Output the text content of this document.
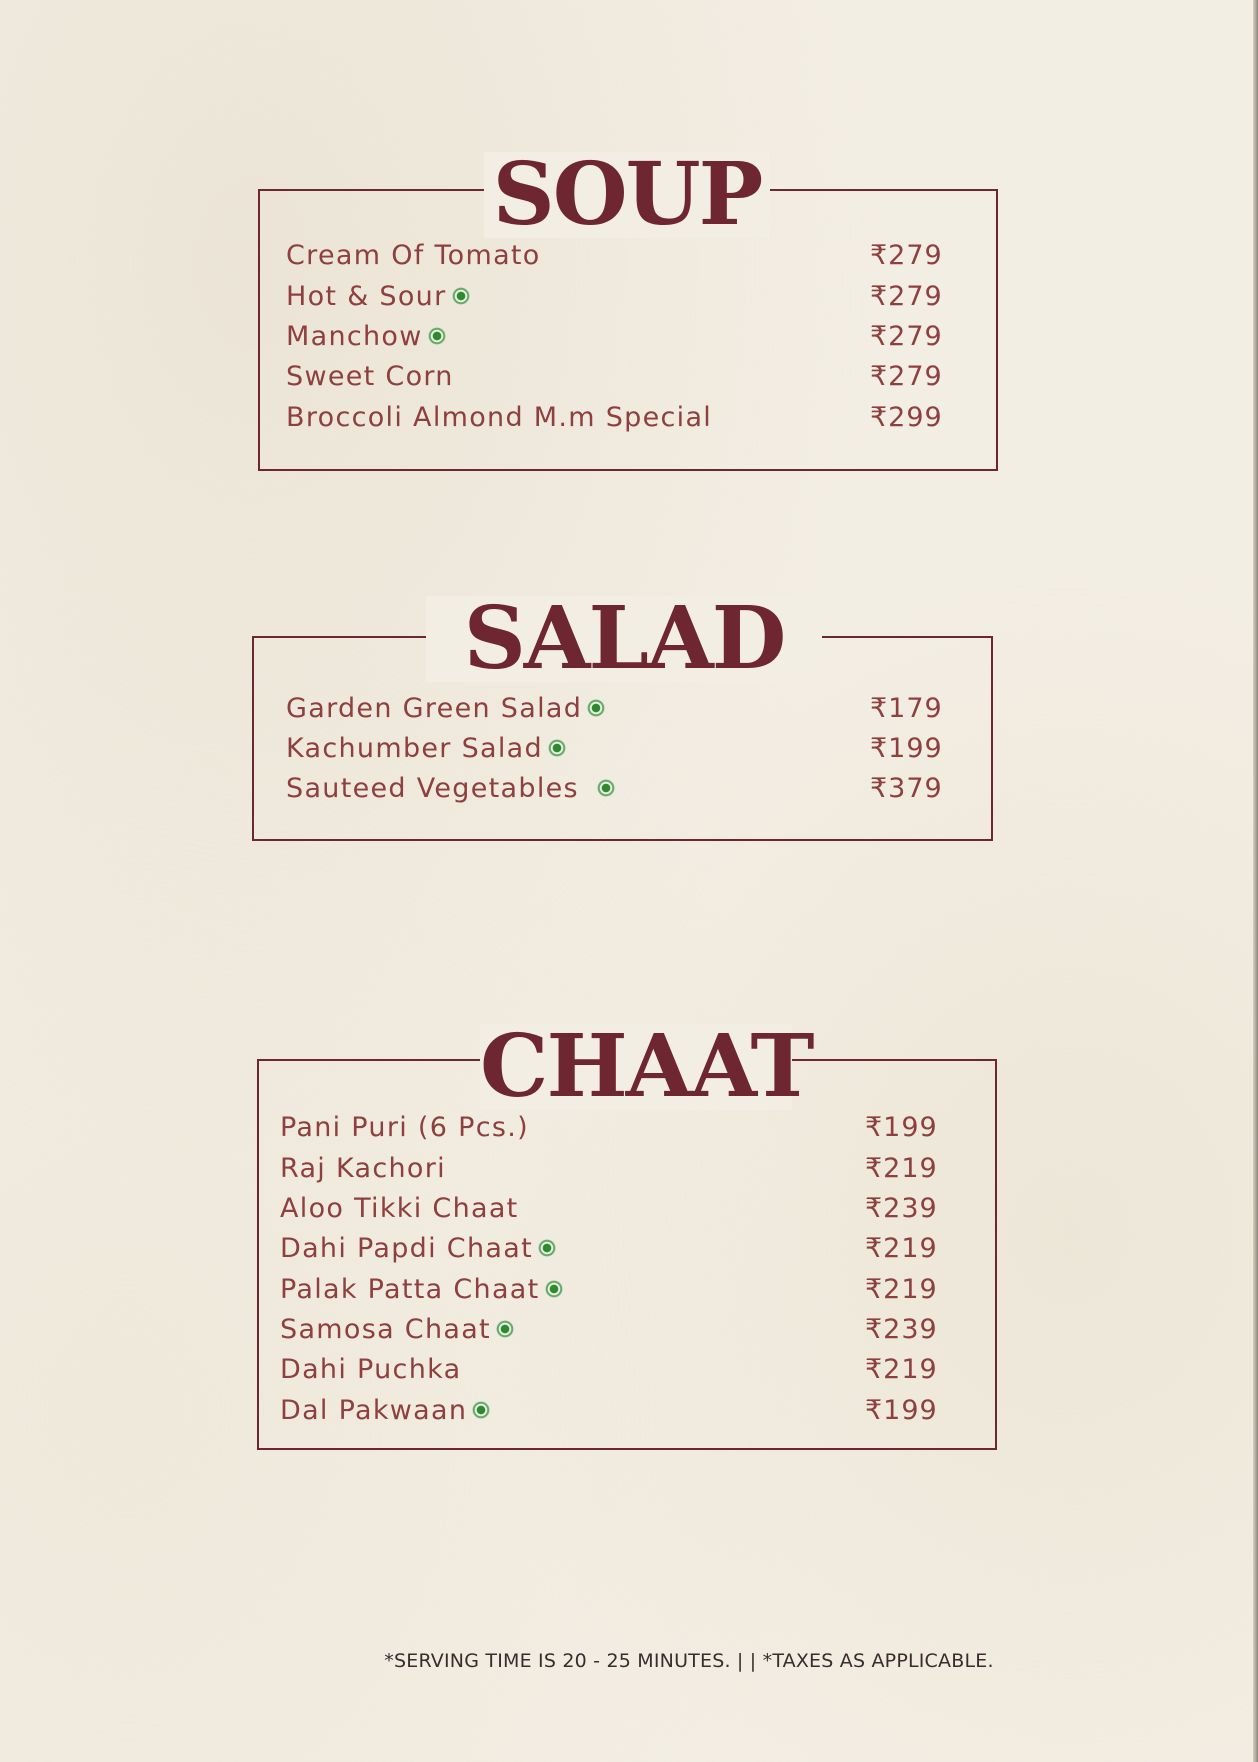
SOUP
Cream Of Tomato	₹279
Hot & Sour	₹279
Manchow	₹279
Sweet Corn	₹279
Broccoli Almond M.m Special	₹299
SALAD
Garden Green Salad	₹179
Kachumber Salad	₹199
Sauteed Vegetables	₹379
CHAAT
Pani Puri (6 Pcs.)	₹199
Raj Kachori	₹219
Aloo Tikki Chaat	₹239
Dahi Papdi Chaat	₹219
Palak Patta Chaat	₹219
Samosa Chaat	₹239
Dahi Puchka	₹219
Dal Pakwaan	₹199
*SERVING TIME IS 20 - 25 MINUTES. | | *TAXES AS APPLICABLE.
